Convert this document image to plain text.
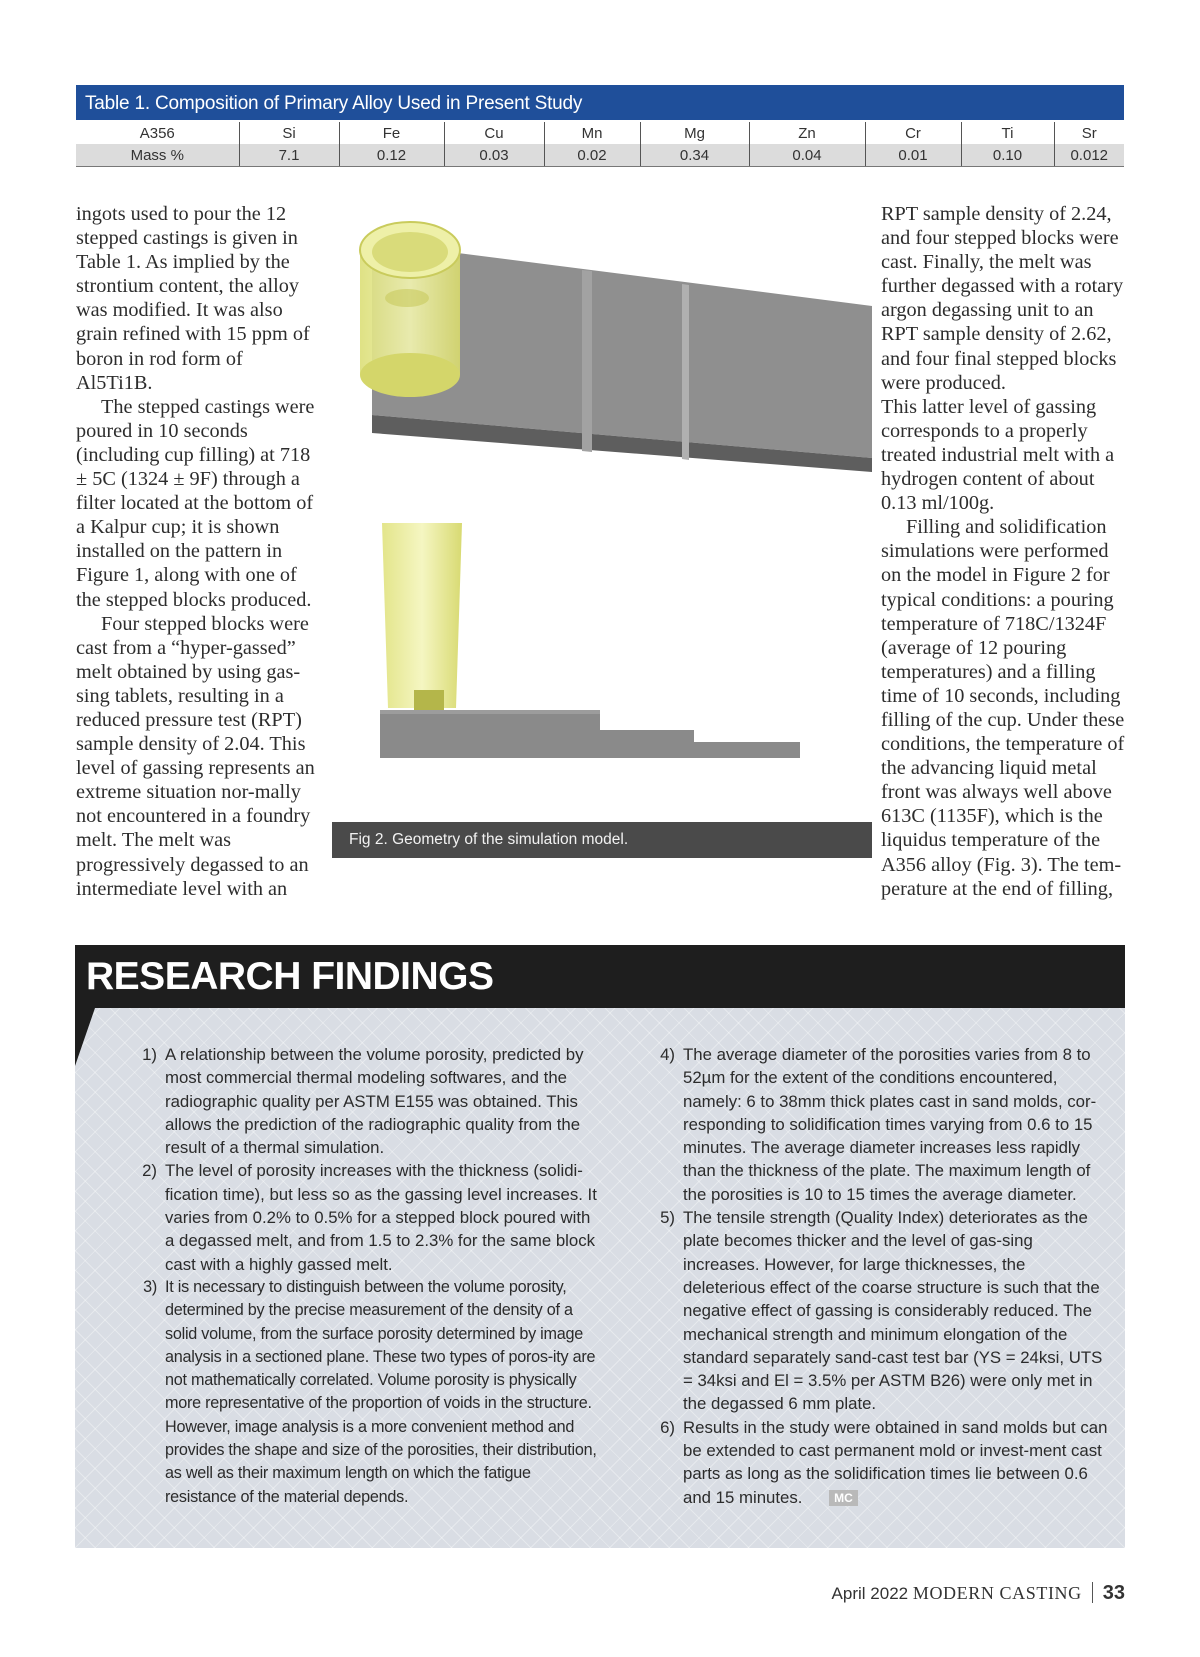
Table 1. Composition of Primary Alloy Used in Present Study
A356	Si	Fe	Cu	Mn	Mg	Zn	Cr	Ti	Sr
Mass %	7.1	0.12	0.03	0.02	0.34	0.04	0.01	0.10	0.012

ingots used to pour the 12 stepped castings is given in Table 1. As implied by the strontium content, the alloy was modified. It was also grain refined with 15 ppm of boron in rod form of Al5Ti1B.

The stepped castings were poured in 10 seconds (including cup filling) at 718 ± 5C (1324 ± 9F) through a filter located at the bottom of a Kalpur cup; it is shown installed on the pattern in Figure 1, along with one of the stepped blocks produced.

Four stepped blocks were cast from a “hyper-gassed” melt obtained by using gas-sing tablets, resulting in a reduced pressure test (RPT) sample density of 2.04. This level of gassing represents an extreme situation nor-mally not encountered in a foundry melt. The melt was progressively degassed to an intermediate level with an

Fig 2. Geometry of the simulation model.

RPT sample density of 2.24, and four stepped blocks were cast. Finally, the melt was further degassed with a rotary argon degassing unit to an RPT sample density of 2.62, and four final stepped blocks were produced.

This latter level of gassing corresponds to a properly treated industrial melt with a hydrogen content of about 0.13 ml/100g.

Filling and solidification simulations were performed on the model in Figure 2 for typical conditions: a pouring temperature of 718C/1324F (average of 12 pouring temperatures) and a filling time of 10 seconds, including filling of the cup. Under these conditions, the temperature of the advancing liquid metal front was always well above 613C (1135F), which is the liquidus temperature of the A356 alloy (Fig. 3). The tem-perature at the end of filling,

RESEARCH FINDINGS
1) A relationship between the volume porosity, predicted by most commercial thermal modeling softwares, and the radiographic quality per ASTM E155 was obtained. This allows the prediction of the radiographic quality from the result of a thermal simulation.
2) The level of porosity increases with the thickness (solidi-fication time), but less so as the gassing level increases. It varies from 0.2% to 0.5% for a stepped block poured with a degassed melt, and from 1.5 to 2.3% for the same block cast with a highly gassed melt.
3) It is necessary to distinguish between the volume porosity, determined by the precise measurement of the density of a solid volume, from the surface porosity determined by image analysis in a sectioned plane. These two types of poros-ity are not mathematically correlated. Volume porosity is physically more representative of the proportion of voids in the structure. However, image analysis is a more convenient method and provides the shape and size of the porosities, their distribution, as well as their maximum length on which the fatigue resistance of the material depends.
4) The average diameter of the porosities varies from 8 to 52µm for the extent of the conditions encountered, namely: 6 to 38mm thick plates cast in sand molds, cor-responding to solidification times varying from 0.6 to 15 minutes. The average diameter increases less rapidly than the thickness of the plate. The maximum length of the porosities is 10 to 15 times the average diameter.
5) The tensile strength (Quality Index) deteriorates as the plate becomes thicker and the level of gas-sing increases. However, for large thicknesses, the deleterious effect of the coarse structure is such that the negative effect of gassing is considerably reduced. The mechanical strength and minimum elongation of the standard separately sand-cast test bar (YS = 24ksi, UTS = 34ksi and El = 3.5% per ASTM B26) were only met in the degassed 6 mm plate.
6) Results in the study were obtained in sand molds but can be extended to cast permanent mold or invest-ment cast parts as long as the solidification times lie between 0.6 and 15 minutes.	MC
April 2022 MODERN CASTING 33
